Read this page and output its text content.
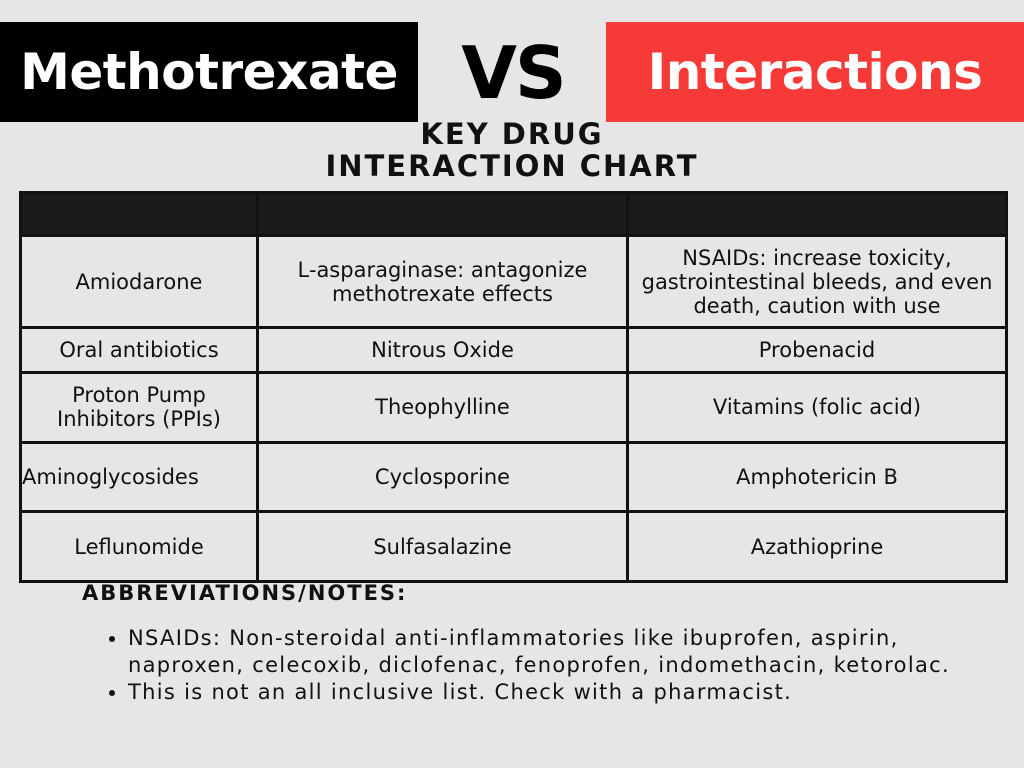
Methotrexate VS	Interactions
KEY DRUG
INTERACTION CHART

Amiodarone	L-asparaginase: antagonize methotrexate effects	NSAIDs: increase toxicity, gastrointestinal bleeds, and even death, caution with use
Oral antibiotics	Nitrous Oxide	Probenacid
Proton Pump Inhibitors (PPIs)	Theophylline	Vitamins (folic acid)
Aminoglycosides	Cyclosporine	Amphotericin B
Leflunomide	Sulfasalazine	Azathioprine
ABBREVIATIONS/NOTES:
• NSAIDs: Non-steroidal anti-inflammatories like ibuprofen, aspirin, naproxen, celecoxib, diclofenac, fenoprofen, indomethacin, ketorolac.
• This is not an all inclusive list. Check with a pharmacist.
